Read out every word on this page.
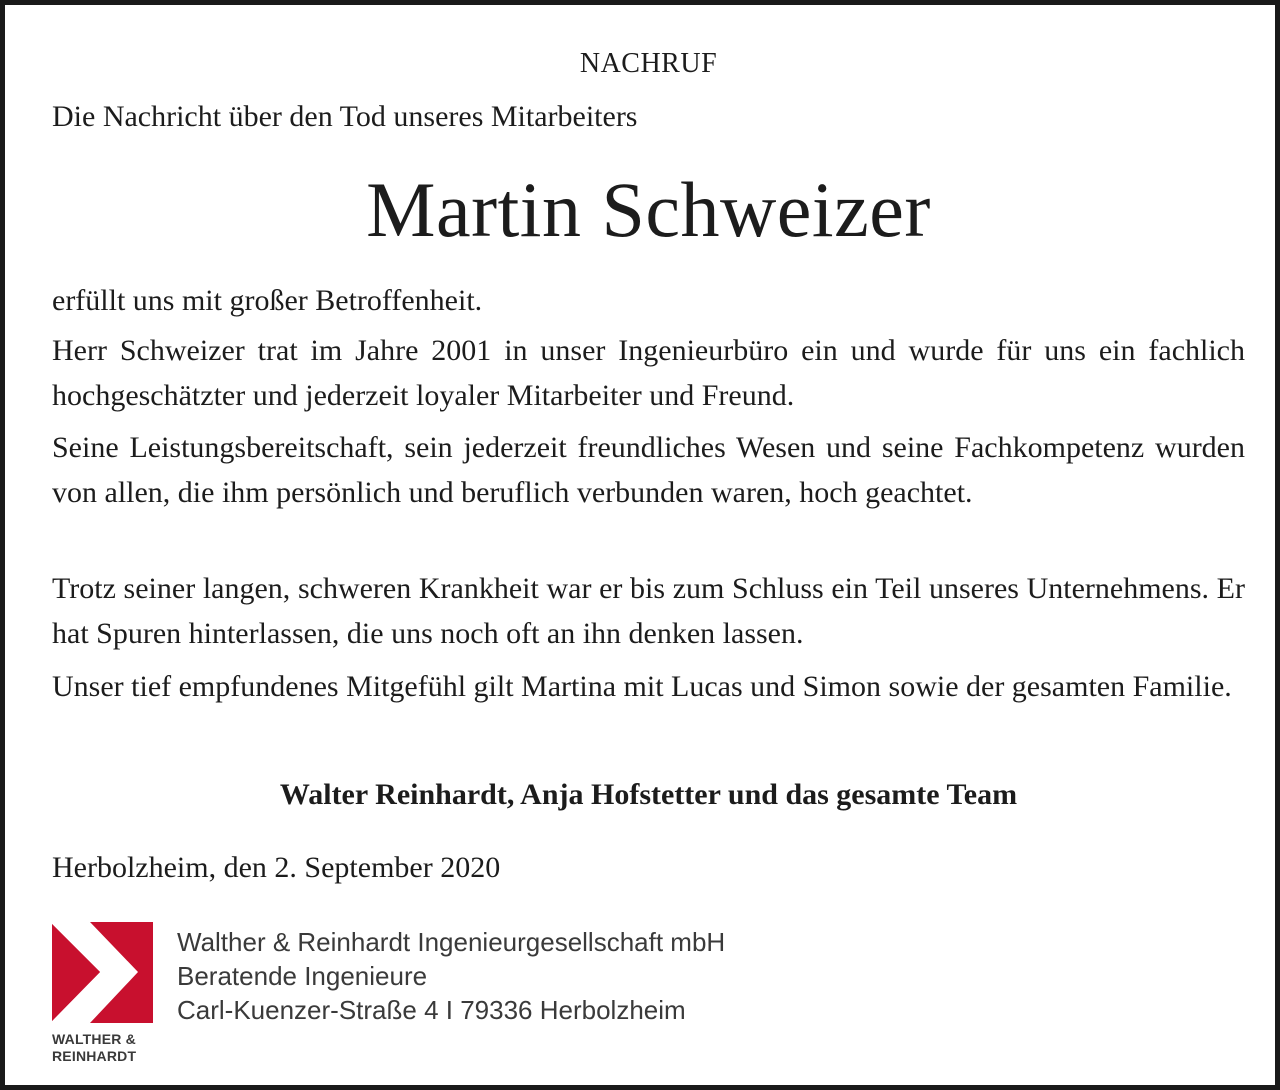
NACHRUF
Die Nachricht über den Tod unseres Mitarbeiters
Martin Schweizer
erfüllt uns mit großer Betroffenheit.
Herr Schweizer trat im Jahre 2001 in unser Ingenieurbüro ein und wurde für uns ein fachlich hochgeschätzter und jederzeit loyaler Mitarbeiter und Freund.
Seine Leistungsbereitschaft, sein jederzeit freundliches Wesen und seine Fachkompetenz wurden von allen, die ihm persönlich und beruflich verbunden waren, hoch geachtet.
Trotz seiner langen, schweren Krankheit war er bis zum Schluss ein Teil unseres Unternehmens. Er hat Spuren hinterlassen, die uns noch oft an ihn denken lassen.
Unser tief empfundenes Mitgefühl gilt Martina mit Lucas und Simon sowie der gesamten Familie.
Walter Reinhardt, Anja Hofstetter und das gesamte Team
Herbolzheim, den 2. September 2020
WALTHER &
REINHARDT
Walther & Reinhardt Ingenieurgesellschaft mbH
Beratende Ingenieure
Carl-Kuenzer-Straße 4 I 79336 Herbolzheim
